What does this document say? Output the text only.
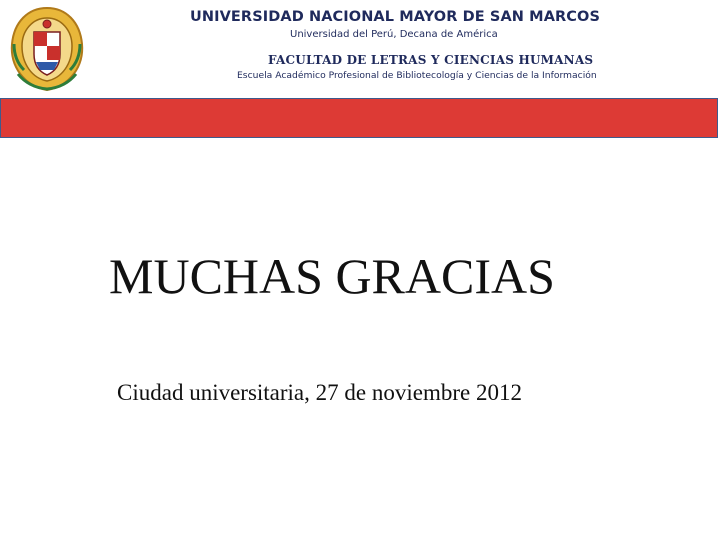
UNIVERSIDAD NACIONAL MAYOR DE SAN MARCOS
Universidad del Perú, Decana de América
FACULTAD DE LETRAS Y CIENCIAS HUMANAS
Escuela Académico Profesional de Bibliotecología y Ciencias de la Información
MUCHAS GRACIAS
Ciudad universitaria, 27 de noviembre 2012
